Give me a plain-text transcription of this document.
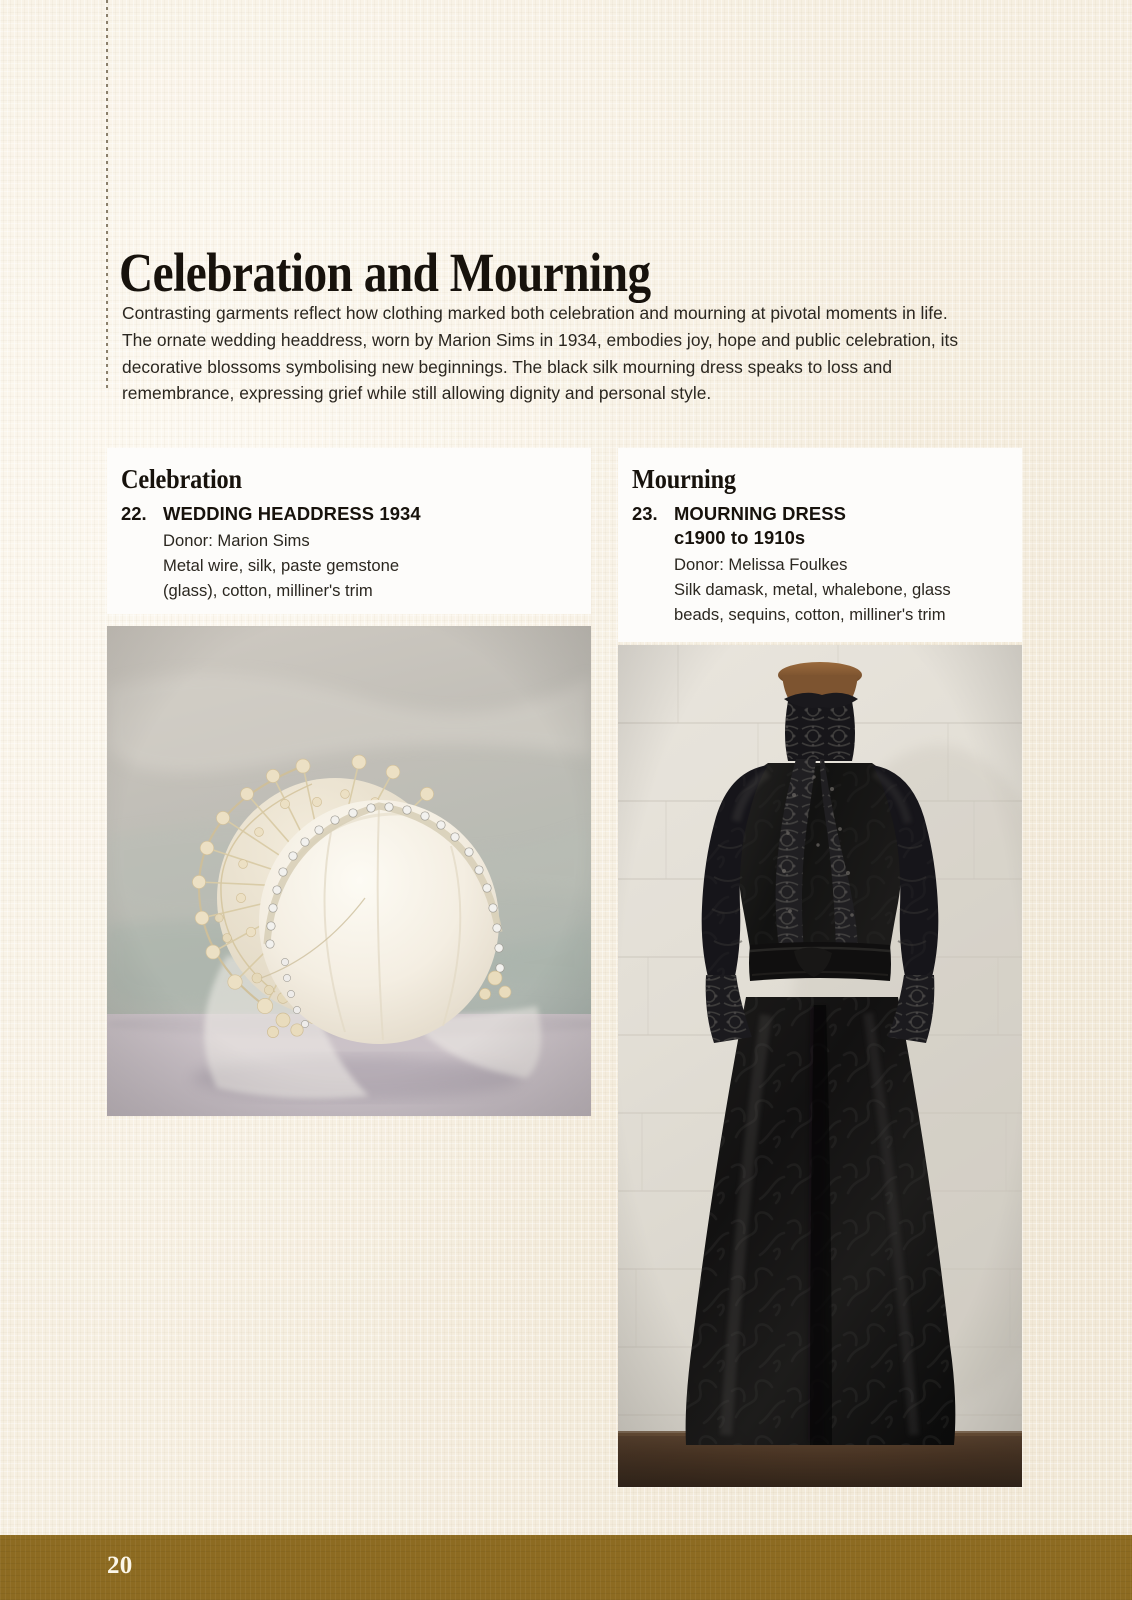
Celebration and Mourning

Contrasting garments reflect how clothing marked both celebration and mourning at pivotal moments in life. The ornate wedding headdress, worn by Marion Sims in 1934, embodies joy, hope and public celebration, its decorative blossoms symbolising new beginnings. The black silk mourning dress speaks to loss and remembrance, expressing grief while still allowing dignity and personal style.

Celebration
22. WEDDING HEADDRESS 1934
Donor: Marion Sims
Metal wire, silk, paste gemstone
(glass), cotton, milliner's trim
Mourning
23. MOURNING DRESS
c1900 to 1910s
Donor: Melissa Foulkes
Silk damask, metal, whalebone, glass
beads, sequins, cotton, milliner's trim
20
